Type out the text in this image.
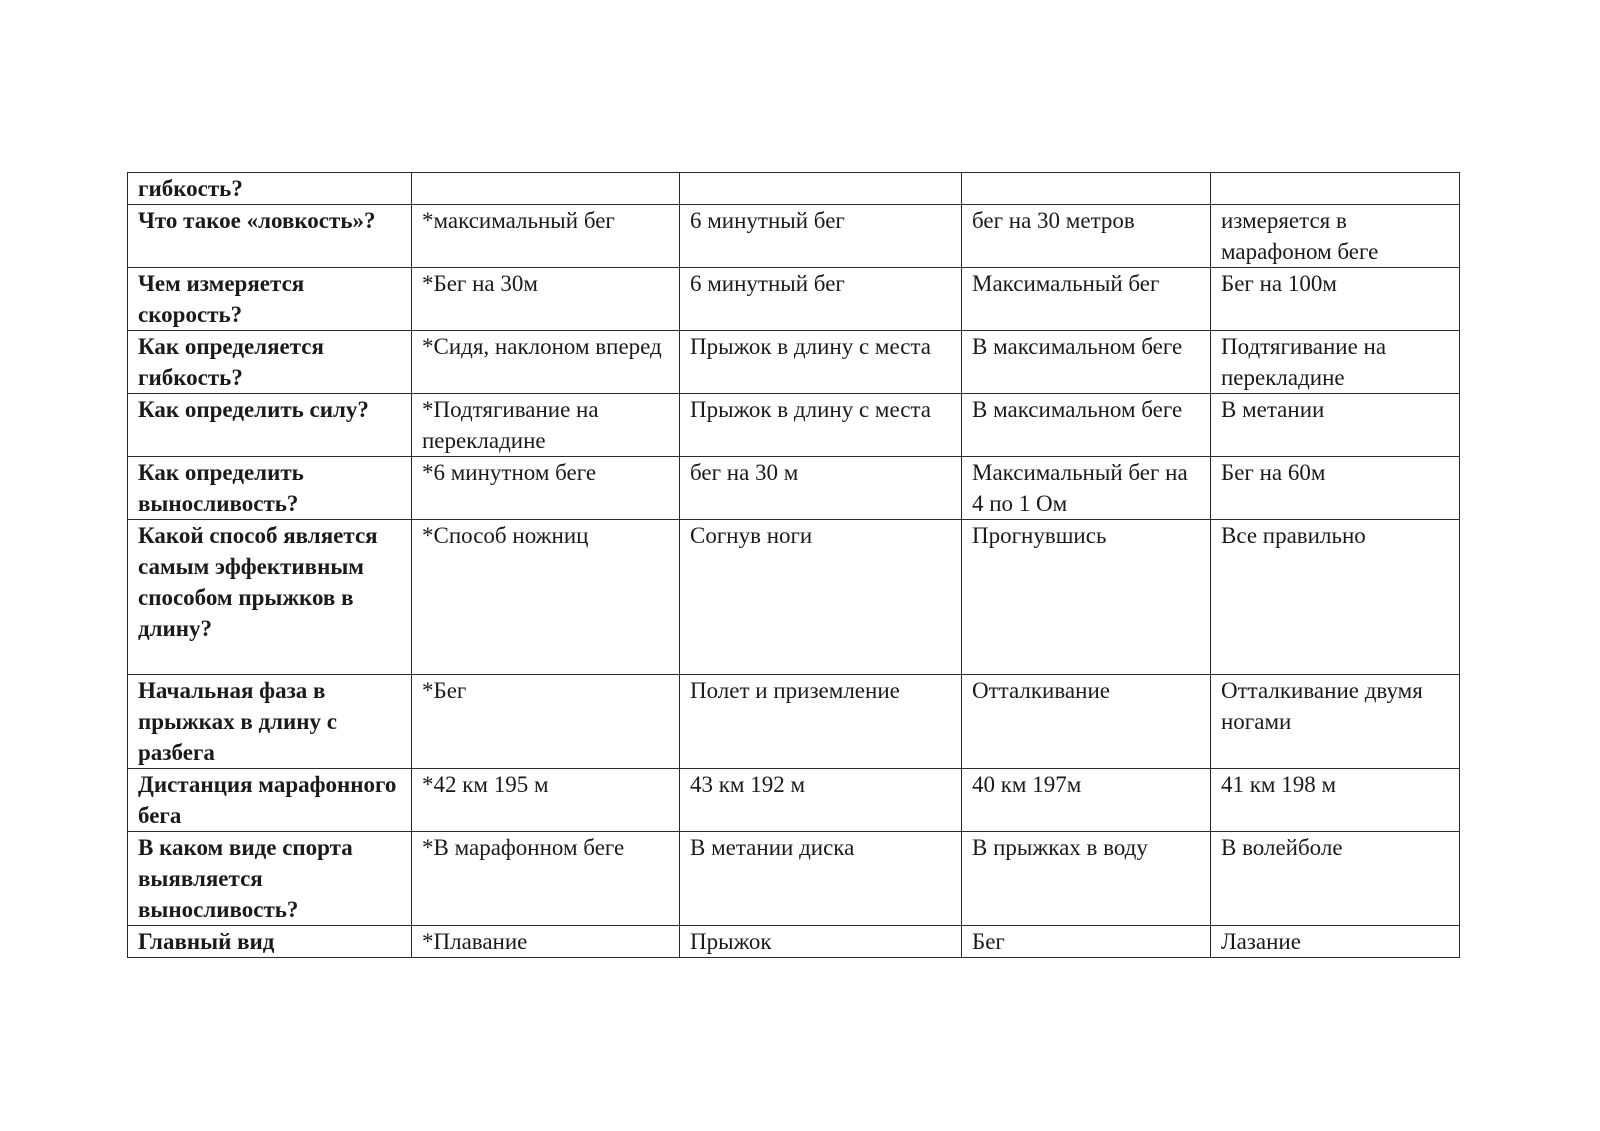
гибкость?				
Что такое «ловкость»?	*максимальный бег	6 минутный бег	бег на 30 метров	измеряется в марафоном беге
Чем измеряется скорость?	*Бег на 30м	6 минутный бег	Максимальный бег	Бег на 100м
Как определяется гибкость?	*Сидя, наклоном вперед	Прыжок в длину с места	В максимальном беге	Подтягивание на перекладине
Как определить силу?	*Подтягивание на перекладине	Прыжок в длину с места	В максимальном беге	В метании
Как определить выносливость?	*6 минутном беге	бег на 30 м	Максимальный бег на 4 по 1 Ом	Бег на 60м
Какой способ является самым эффективным способом прыжков в длину?	*Способ ножниц	Согнув ноги	Прогнувшись	Все правильно
Начальная фаза в прыжках в длину с разбега	*Бег	Полет и приземление	Отталкивание	Отталкивание двумя ногами
Дистанция марафонного бега	*42 км 195 м	43 км 192 м	40 км 197м	41 км 198 м
В каком виде спорта выявляется выносливость?	*В марафонном беге	В метании диска	В прыжках в воду	В волейболе
Главный вид	*Плавание	Прыжок	Бег	Лазание
